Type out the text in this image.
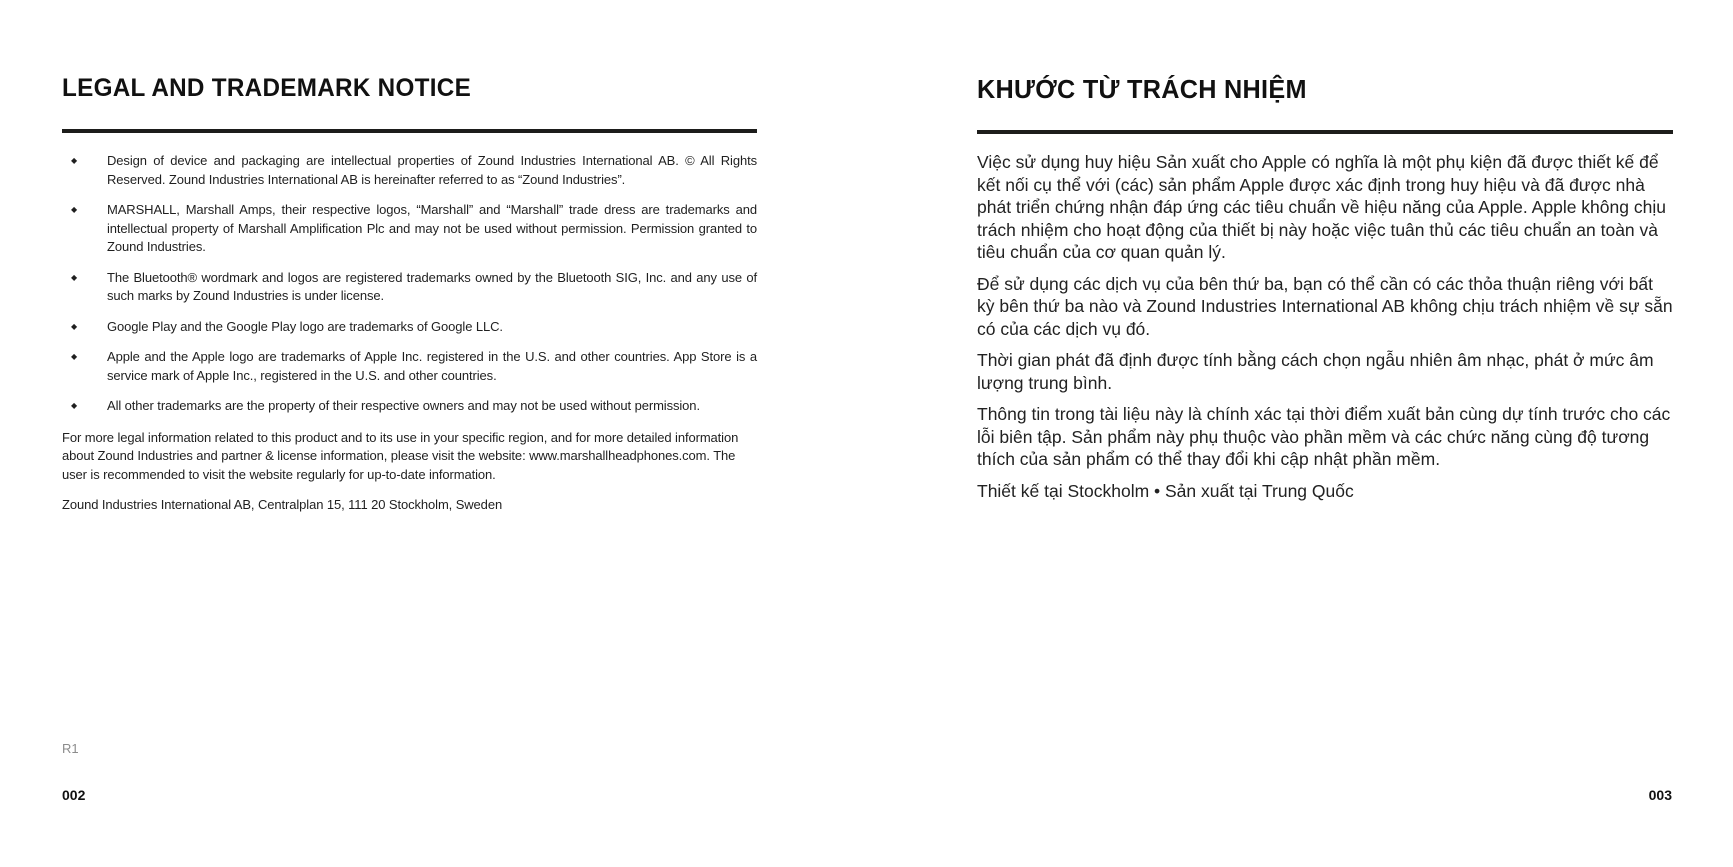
LEGAL AND TRADEMARK NOTICE
◆	Design of device and packaging are intellectual properties of Zound Industries International AB. © All Rights Reserved. Zound Industries International AB is hereinafter referred to as “Zound Industries”.
◆	MARSHALL, Marshall Amps, their respective logos, “Marshall” and “Marshall” trade dress are trademarks and intellectual property of Marshall Amplification Plc and may not be used without permission. Permission granted to Zound Industries.
◆	The Bluetooth® wordmark and logos are registered trademarks owned by the Bluetooth SIG, Inc. and any use of such marks by Zound Industries is under license.
◆	Google Play and the Google Play logo are trademarks of Google LLC.
◆	Apple and the Apple logo are trademarks of Apple Inc. registered in the U.S. and other countries. App Store is a service mark of Apple Inc., registered in the U.S. and other countries.
◆	All other trademarks are the property of their respective owners and may not be used without permission.

For more legal information related to this product and to its use in your specific region, and for more detailed information about Zound Industries and partner & license information, please visit the website: www.marshallheadphones.com. The user is recommended to visit the website regularly for up-to-date information.

Zound Industries International AB, Centralplan 15, 111 20 Stockholm, Sweden

KHƯỚC TỪ TRÁCH NHIỆM

Việc sử dụng huy hiệu Sản xuất cho Apple có nghĩa là một phụ kiện đã được thiết kế để kết nối cụ thể với (các) sản phẩm Apple được xác định trong huy hiệu và đã được nhà phát triển chứng nhận đáp ứng các tiêu chuẩn về hiệu năng của Apple. Apple không chịu trách nhiệm cho hoạt động của thiết bị này hoặc việc tuân thủ các tiêu chuẩn an toàn và tiêu chuẩn của cơ quan quản lý.

Để sử dụng các dịch vụ của bên thứ ba, bạn có thể cần có các thỏa thuận riêng với bất kỳ bên thứ ba nào và Zound Industries International AB không chịu trách nhiệm về sự sẵn có của các dịch vụ đó.

Thời gian phát đã định được tính bằng cách chọn ngẫu nhiên âm nhạc, phát ở mức âm lượng trung bình.

Thông tin trong tài liệu này là chính xác tại thời điểm xuất bản cùng dự tính trước cho các lỗi biên tập. Sản phẩm này phụ thuộc vào phần mềm và các chức năng cùng độ tương thích của sản phẩm có thể thay đổi khi cập nhật phần mềm.

Thiết kế tại Stockholm • Sản xuất tại Trung Quốc

R1
002	003
